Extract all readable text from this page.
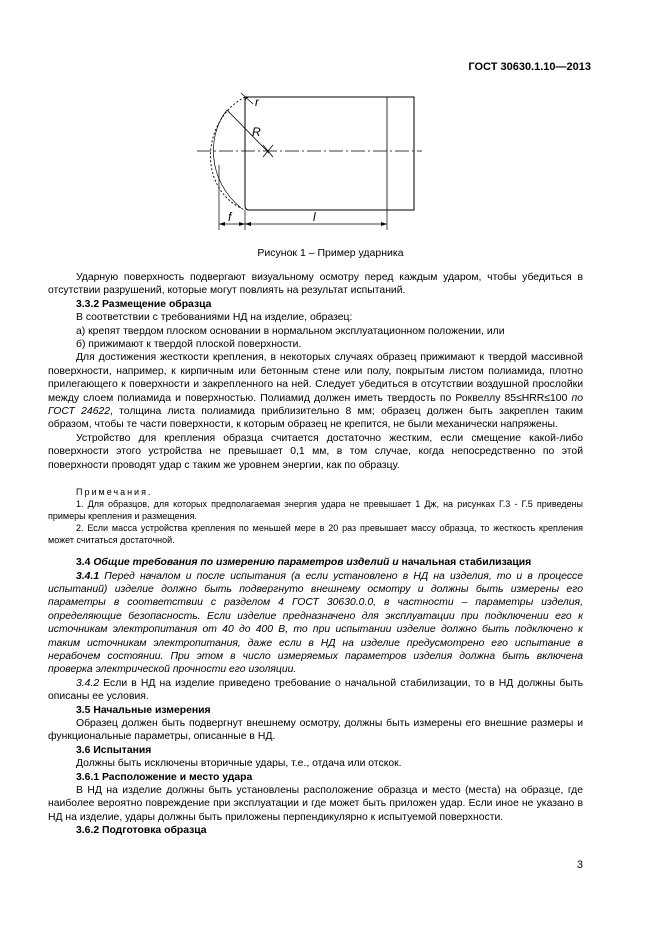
ГОСТ 30630.1.10—2013
r
R
f	l
Рисунок 1 – Пример ударника

Ударную поверхность подвергают визуальному осмотру перед каждым ударом, чтобы убедиться в отсутствии разрушений, которые могут повлиять на результат испытаний.

3.3.2 Размещение образца

В соответствии с требованиями НД на изделие, образец:

а) крепят твердом плоском основании в нормальном эксплуатационном положении, или

б) прижимают к твердой плоской поверхности.

Для достижения жесткости крепления, в некоторых случаях образец прижимают к твердой массивной поверхности, например, к кирпичным или бетонным стене или полу, покрытым листом полиамида, плотно прилегающего к поверхности и закрепленного на ней. Следует убедиться в отсутствии воздушной прослойки между слоем полиамида и поверхностью. Полиамид должен иметь твердость по Роквеллу 85≤HRR≤100 по ГОСТ 24622, толщина листа полиамида приблизительно 8 мм; образец должен быть закреплен таким образом, чтобы те части поверхности, к которым образец не крепится, не были механически напряжены.

Устройство для крепления образца считается достаточно жестким, если смещение какой-либо поверхности этого устройства не превышает 0,1 мм, в том случае, когда непосредственно по этой поверхности проводят удар с таким же уровнем энергии, как по образцу.

Примечания.

1. Для образцов, для которых предполагаемая энергия удара не превышает 1 Дж, на рисунках Г.3 - Г.5 приведены примеры крепления и размещения.

2. Если масса устройства крепления по меньшей мере в 20 раз превышает массу образца, то жесткость крепления может считаться достаточной.

3.4 Общие требования по измерению параметров изделий и начальная стабилизация

3.4.1 Перед началом и после испытания (а если установлено в НД на изделия, то и в процессе испытаний) изделие должно быть подвергнуто внешнему осмотру и должны быть измерены его параметры в соответствии с разделом 4 ГОСТ 30630.0.0, в частности – параметры изделия, определяющие безопасность. Если изделие предназначено для эксплуатации при подключении его к источникам электропитания от 40 до 400 В, то при испытании изделие должно быть подключено к таким источникам электропитания, даже если в НД на изделие предусмотрено его испытание в нерабочем состоянии. При этом в число измеряемых параметров изделия должна быть включена проверка электрической прочности его изоляции.

3.4.2 Если в НД на изделие приведено требование о начальной стабилизации, то в НД должны быть описаны ее условия.

3.5 Начальные измерения

Образец должен быть подвергнут внешнему осмотру, должны быть измерены его внешние размеры и функциональные параметры, описанные в НД.

3.6 Испытания

Должны быть исключены вторичные удары, т.е., отдача или отскок.

3.6.1 Расположение и место удара

В НД на изделие должны быть установлены расположение образца и место (места) на образце, где наиболее вероятно повреждение при эксплуатации и где может быть приложен удар. Если иное не указано в НД на изделие, удары должны быть приложены перпендикулярно к испытуемой поверхности.

3.6.2 Подготовка образца

3
